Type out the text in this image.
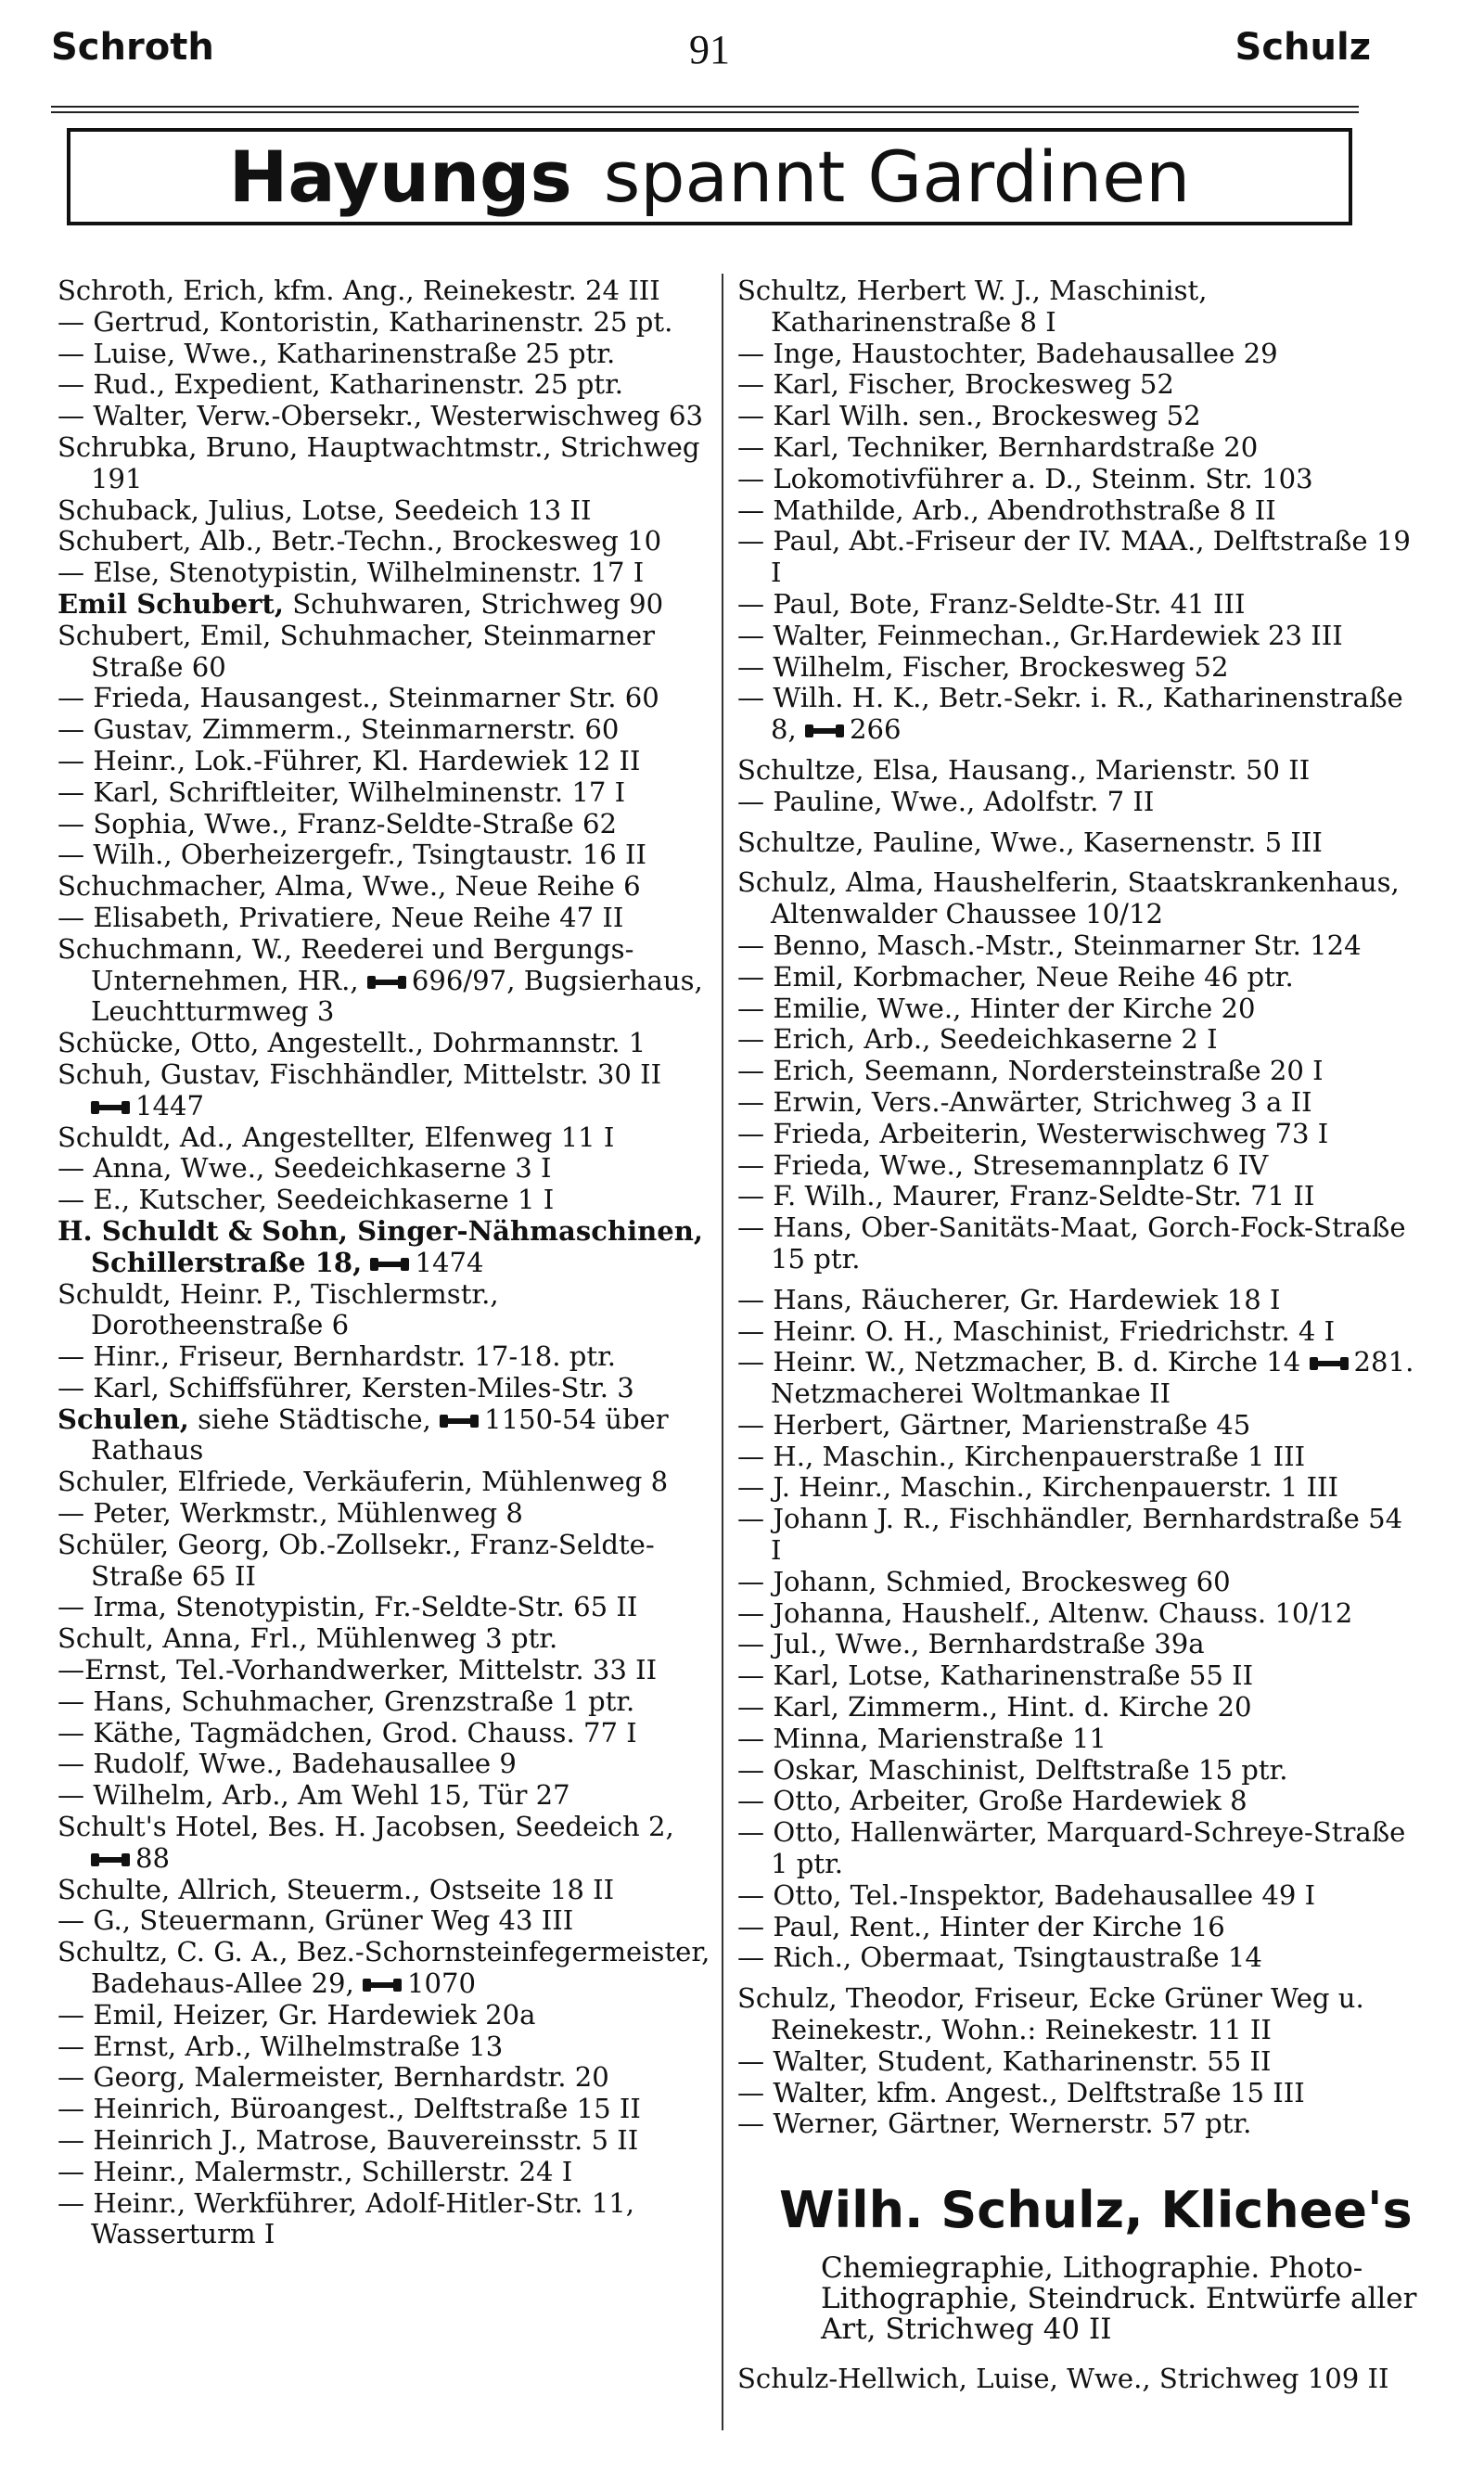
Schroth	91	Schulz
Hayungs spannt Gardinen
Schroth, Erich, kfm. Ang., Reinekestr. 24 III
— Gertrud, Kontoristin, Katharinenstr. 25 pt.
— Luise, Wwe., Katharinenstraße 25 ptr.
— Rud., Expedient, Katharinenstr. 25 ptr.
— Walter, Verw.-Obersekr., Westerwischweg 63
Schrubka, Bruno, Hauptwachtmstr., Strichweg 191
Schuback, Julius, Lotse, Seedeich 13 II
Schubert, Alb., Betr.-Techn., Brockesweg 10
— Else, Stenotypistin, Wilhelminenstr. 17 I
Emil Schubert, Schuhwaren, Strichweg 90
Schubert, Emil, Schuhmacher, Steinmarner Straße 60
— Frieda, Hausangest., Steinmarner Str. 60
— Gustav, Zimmerm., Steinmarnerstr. 60
— Heinr., Lok.-Führer, Kl. Hardewiek 12 II
— Karl, Schriftleiter, Wilhelminenstr. 17 I
— Sophia, Wwe., Franz-Seldte-Straße 62
— Wilh., Oberheizergefr., Tsingtaustr. 16 II
Schuchmacher, Alma, Wwe., Neue Reihe 6
— Elisabeth, Privatiere, Neue Reihe 47 II
Schuchmann, W., Reederei und Bergungs-Unternehmen, HR., 696/97, Bugsierhaus, Leuchtturmweg 3
Schücke, Otto, Angestellt., Dohrmannstr. 1
Schuh, Gustav, Fischhändler, Mittelstr. 30 II 1447
Schuldt, Ad., Angestellter, Elfenweg 11 I
— Anna, Wwe., Seedeichkaserne 3 I
— E., Kutscher, Seedeichkaserne 1 I
H. Schuldt & Sohn, Singer-Nähmaschinen, Schillerstraße 18, 1474
Schuldt, Heinr. P., Tischlermstr., Dorotheenstraße 6
— Hinr., Friseur, Bernhardstr. 17-18. ptr.
— Karl, Schiffsführer, Kersten-Miles-Str. 3
Schulen, siehe Städtische, 1150-54 über Rathaus
Schuler, Elfriede, Verkäuferin, Mühlenweg 8
— Peter, Werkmstr., Mühlenweg 8
Schüler, Georg, Ob.-Zollsekr., Franz-Seldte-Straße 65 II
— Irma, Stenotypistin, Fr.-Seldte-Str. 65 II
Schult, Anna, Frl., Mühlenweg 3 ptr.
—Ernst, Tel.-Vorhandwerker, Mittelstr. 33 II
— Hans, Schuhmacher, Grenzstraße 1 ptr.
— Käthe, Tagmädchen, Grod. Chauss. 77 I
— Rudolf, Wwe., Badehausallee 9
— Wilhelm, Arb., Am Wehl 15, Tür 27
Schult's Hotel, Bes. H. Jacobsen, Seedeich 2, 88
Schulte, Allrich, Steuerm., Ostseite 18 II
— G., Steuermann, Grüner Weg 43 III
Schultz, C. G. A., Bez.-Schornsteinfegermeister, Badehaus-Allee 29, 1070
— Emil, Heizer, Gr. Hardewiek 20a
— Ernst, Arb., Wilhelmstraße 13
— Georg, Malermeister, Bernhardstr. 20
— Heinrich, Büroangest., Delftstraße 15 II
— Heinrich J., Matrose, Bauvereinsstr. 5 II
— Heinr., Malermstr., Schillerstr. 24 I
— Heinr., Werkführer, Adolf-Hitler-Str. 11, Wasserturm I
Schultz, Herbert W. J., Maschinist, Katharinenstraße 8 I
— Inge, Haustochter, Badehausallee 29
— Karl, Fischer, Brockesweg 52
— Karl Wilh. sen., Brockesweg 52
— Karl, Techniker, Bernhardstraße 20
— Lokomotivführer a. D., Steinm. Str. 103
— Mathilde, Arb., Abendrothstraße 8 II
— Paul, Abt.-Friseur der IV. MAA., Delftstraße 19 I
— Paul, Bote, Franz-Seldte-Str. 41 III
— Walter, Feinmechan., Gr.Hardewiek 23 III
— Wilhelm, Fischer, Brockesweg 52
— Wilh. H. K., Betr.-Sekr. i. R., Katharinenstraße 8, 266
Schultze, Elsa, Hausang., Marienstr. 50 II
— Pauline, Wwe., Adolfstr. 7 II
Schultze, Pauline, Wwe., Kasernenstr. 5 III
Schulz, Alma, Haushelferin, Staatskrankenhaus, Altenwalder Chaussee 10/12
— Benno, Masch.-Mstr., Steinmarner Str. 124
— Emil, Korbmacher, Neue Reihe 46 ptr.
— Emilie, Wwe., Hinter der Kirche 20
— Erich, Arb., Seedeichkaserne 2 I
— Erich, Seemann, Nordersteinstraße 20 I
— Erwin, Vers.-Anwärter, Strichweg 3 a II
— Frieda, Arbeiterin, Westerwischweg 73 I
— Frieda, Wwe., Stresemannplatz 6 IV
— F. Wilh., Maurer, Franz-Seldte-Str. 71 II
— Hans, Ober-Sanitäts-Maat, Gorch-Fock-Straße 15 ptr.
— Hans, Räucherer, Gr. Hardewiek 18 I
— Heinr. O. H., Maschinist, Friedrichstr. 4 I
— Heinr. W., Netzmacher, B. d. Kirche 14 281. Netzmacherei Woltmankae II
— Herbert, Gärtner, Marienstraße 45
— H., Maschin., Kirchenpauerstraße 1 III
— J. Heinr., Maschin., Kirchenpauerstr. 1 III
— Johann J. R., Fischhändler, Bernhardstraße 54 I
— Johann, Schmied, Brockesweg 60
— Johanna, Haushelf., Altenw. Chauss. 10/12
— Jul., Wwe., Bernhardstraße 39a
— Karl, Lotse, Katharinenstraße 55 II
— Karl, Zimmerm., Hint. d. Kirche 20
— Minna, Marienstraße 11
— Oskar, Maschinist, Delftstraße 15 ptr.
— Otto, Arbeiter, Große Hardewiek 8
— Otto, Hallenwärter, Marquard-Schreye-Straße 1 ptr.
— Otto, Tel.-Inspektor, Badehausallee 49 I
— Paul, Rent., Hinter der Kirche 16
— Rich., Obermaat, Tsingtaustraße 14
Schulz, Theodor, Friseur, Ecke Grüner Weg u. Reinekestr., Wohn.: Reinekestr. 11 II
— Walter, Student, Katharinenstr. 55 II
— Walter, kfm. Angest., Delftstraße 15 III
— Werner, Gärtner, Wernerstr. 57 ptr.
Wilh. Schulz, Klichee's
Chemiegraphie, Lithographie. Photo-Lithographie, Steindruck. Entwürfe aller Art, Strichweg 40 II
Schulz-Hellwich, Luise, Wwe., Strichweg 109 II
